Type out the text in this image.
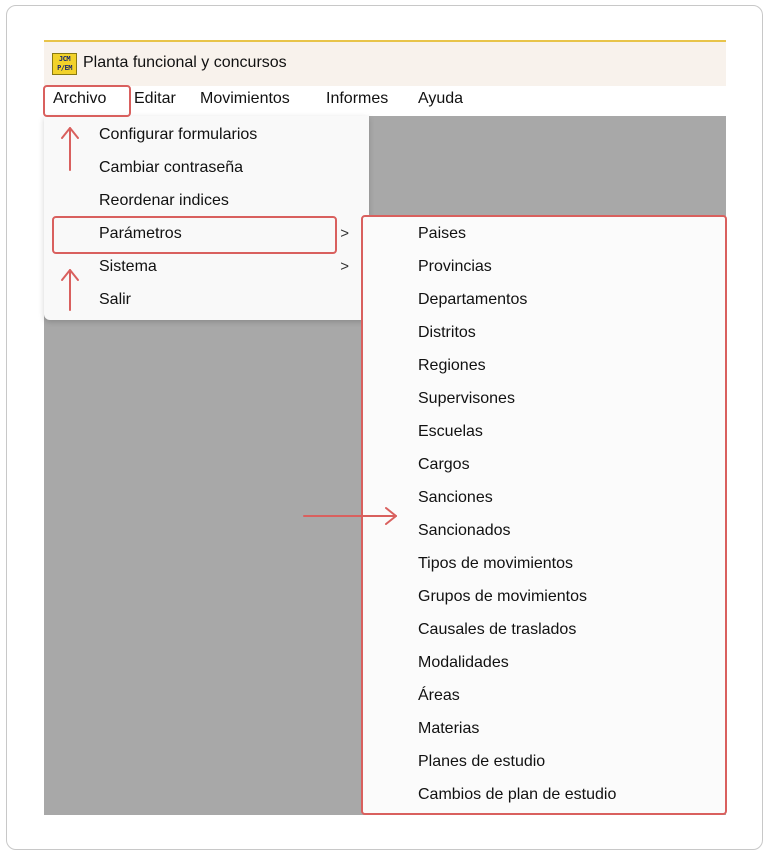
JCM
P/EM Planta funcional y concursos
Archivo Editar Movimientos Informes Ayuda
Configurar formularios
Cambiar contraseña
Reordenar indices
Parámetros	>
Sistema	>
Salir
Paises
Provincias
Departamentos
Distritos
Regiones
Supervisones
Escuelas
Cargos
Sanciones
Sancionados
Tipos de movimientos
Grupos de movimientos
Causales de traslados
Modalidades
Áreas
Materias
Planes de estudio
Cambios de plan de estudio
